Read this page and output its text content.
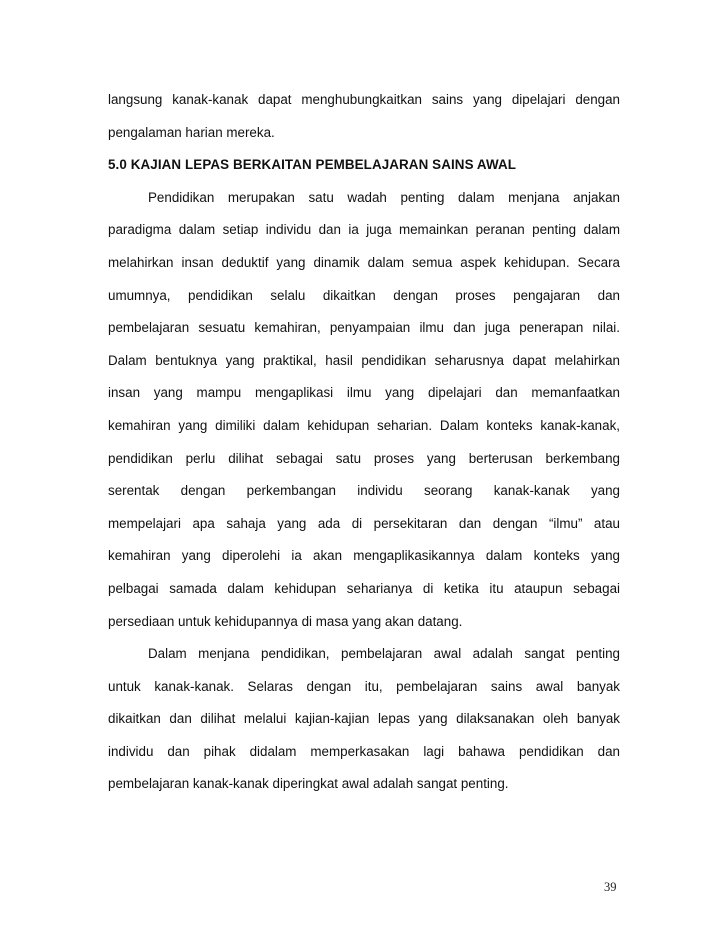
langsung kanak-kanak dapat menghubungkaitkan sains yang dipelajari dengan
pengalaman harian mereka.
5.0 KAJIAN LEPAS BERKAITAN PEMBELAJARAN SAINS AWAL
Pendidikan merupakan satu wadah penting dalam menjana anjakan
paradigma dalam setiap individu dan ia juga memainkan peranan penting dalam
melahirkan insan deduktif yang dinamik dalam semua aspek kehidupan. Secara
umumnya, pendidikan selalu dikaitkan dengan proses pengajaran dan
pembelajaran sesuatu kemahiran, penyampaian ilmu dan juga penerapan nilai.
Dalam bentuknya yang praktikal, hasil pendidikan seharusnya dapat melahirkan
insan yang mampu mengaplikasi ilmu yang dipelajari dan memanfaatkan
kemahiran yang dimiliki dalam kehidupan seharian. Dalam konteks kanak-kanak,
pendidikan perlu dilihat sebagai satu proses yang berterusan berkembang
serentak dengan perkembangan individu seorang kanak-kanak yang
mempelajari apa sahaja yang ada di persekitaran dan dengan “ilmu” atau
kemahiran yang diperolehi ia akan mengaplikasikannya dalam konteks yang
pelbagai samada dalam kehidupan seharianya di ketika itu ataupun sebagai
persediaan untuk kehidupannya di masa yang akan datang.
Dalam menjana pendidikan, pembelajaran awal adalah sangat penting
untuk kanak-kanak. Selaras dengan itu, pembelajaran sains awal banyak
dikaitkan dan dilihat melalui kajian-kajian lepas yang dilaksanakan oleh banyak
individu dan pihak didalam memperkasakan lagi bahawa pendidikan dan
pembelajaran kanak-kanak diperingkat awal adalah sangat penting.
39
